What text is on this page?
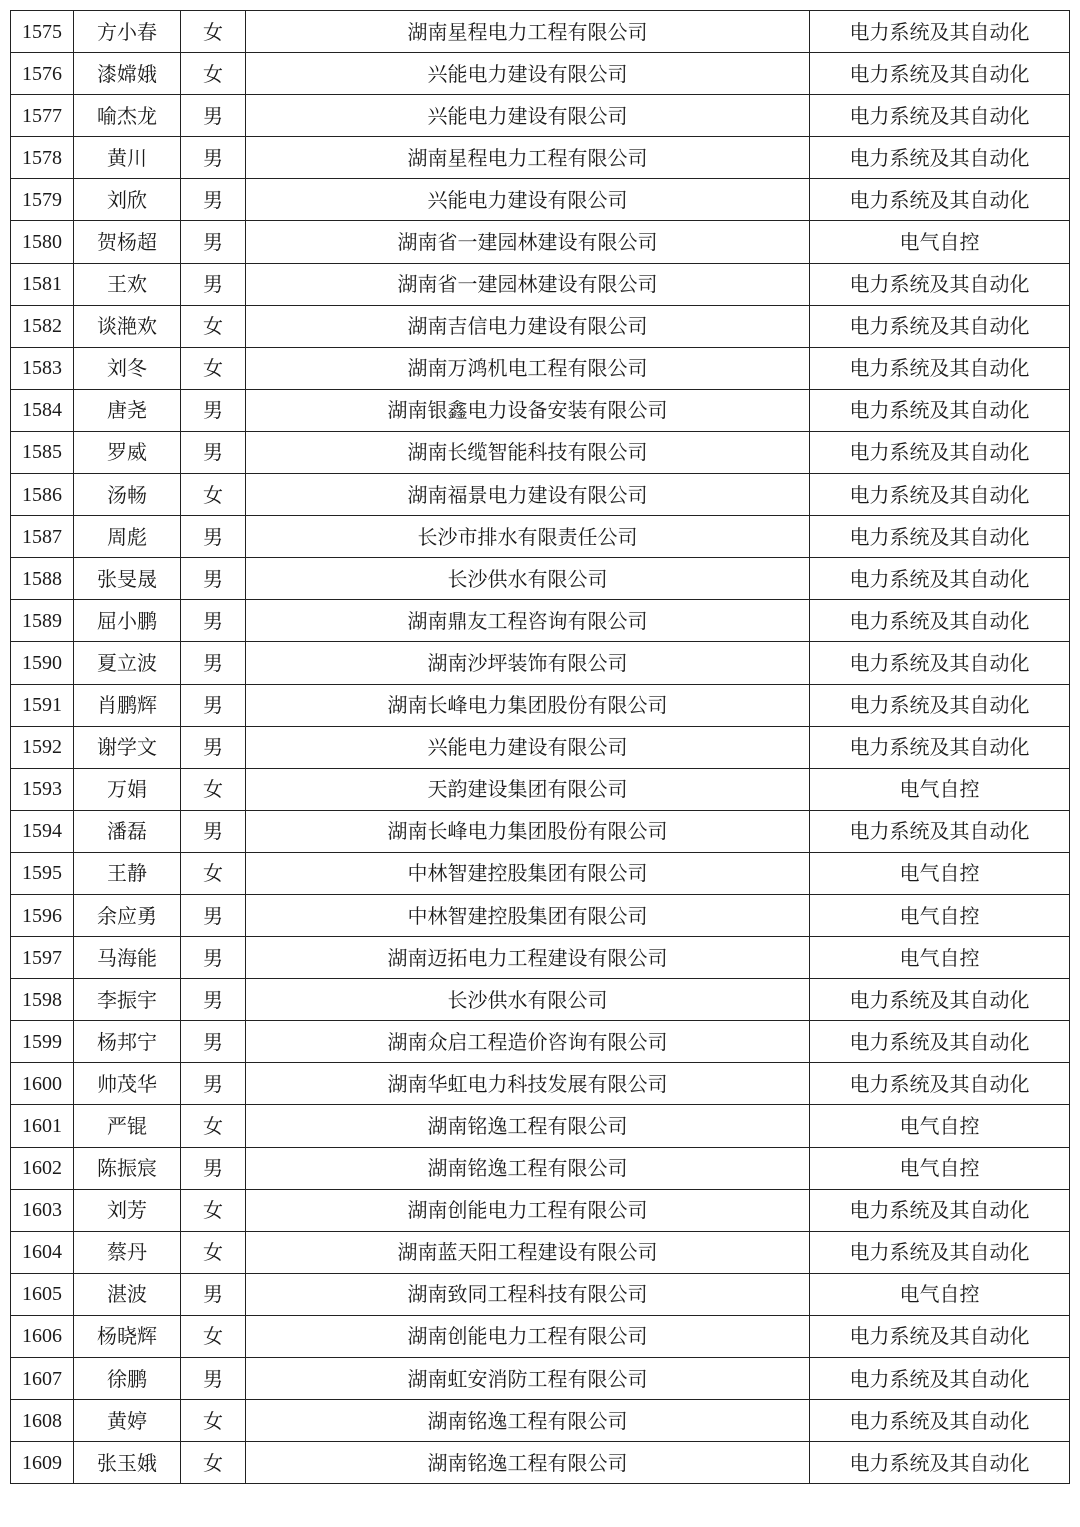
1575	方小春	女	湖南星程电力工程有限公司	电力系统及其自动化
1576	漆嫦娥	女	兴能电力建设有限公司	电力系统及其自动化
1577	喻杰龙	男	兴能电力建设有限公司	电力系统及其自动化
1578	黄川	男	湖南星程电力工程有限公司	电力系统及其自动化
1579	刘欣	男	兴能电力建设有限公司	电力系统及其自动化
1580	贺杨超	男	湖南省一建园林建设有限公司	电气自控
1581	王欢	男	湖南省一建园林建设有限公司	电力系统及其自动化
1582	谈滟欢	女	湖南吉信电力建设有限公司	电力系统及其自动化
1583	刘冬	女	湖南万鸿机电工程有限公司	电力系统及其自动化
1584	唐尧	男	湖南银鑫电力设备安装有限公司	电力系统及其自动化
1585	罗威	男	湖南长缆智能科技有限公司	电力系统及其自动化
1586	汤畅	女	湖南福景电力建设有限公司	电力系统及其自动化
1587	周彪	男	长沙市排水有限责任公司	电力系统及其自动化
1588	张旻晟	男	长沙供水有限公司	电力系统及其自动化
1589	屈小鹏	男	湖南鼎友工程咨询有限公司	电力系统及其自动化
1590	夏立波	男	湖南沙坪装饰有限公司	电力系统及其自动化
1591	肖鹏辉	男	湖南长峰电力集团股份有限公司	电力系统及其自动化
1592	谢学文	男	兴能电力建设有限公司	电力系统及其自动化
1593	万娟	女	天韵建设集团有限公司	电气自控
1594	潘磊	男	湖南长峰电力集团股份有限公司	电力系统及其自动化
1595	王静	女	中林智建控股集团有限公司	电气自控
1596	余应勇	男	中林智建控股集团有限公司	电气自控
1597	马海能	男	湖南迈拓电力工程建设有限公司	电气自控
1598	李振宇	男	长沙供水有限公司	电力系统及其自动化
1599	杨邦宁	男	湖南众启工程造价咨询有限公司	电力系统及其自动化
1600	帅茂华	男	湖南华虹电力科技发展有限公司	电力系统及其自动化
1601	严锟	女	湖南铭逸工程有限公司	电气自控
1602	陈振宸	男	湖南铭逸工程有限公司	电气自控
1603	刘芳	女	湖南创能电力工程有限公司	电力系统及其自动化
1604	蔡丹	女	湖南蓝天阳工程建设有限公司	电力系统及其自动化
1605	湛波	男	湖南致同工程科技有限公司	电气自控
1606	杨晓辉	女	湖南创能电力工程有限公司	电力系统及其自动化
1607	徐鹏	男	湖南虹安消防工程有限公司	电力系统及其自动化
1608	黄婷	女	湖南铭逸工程有限公司	电力系统及其自动化
1609	张玉娥	女	湖南铭逸工程有限公司	电力系统及其自动化
